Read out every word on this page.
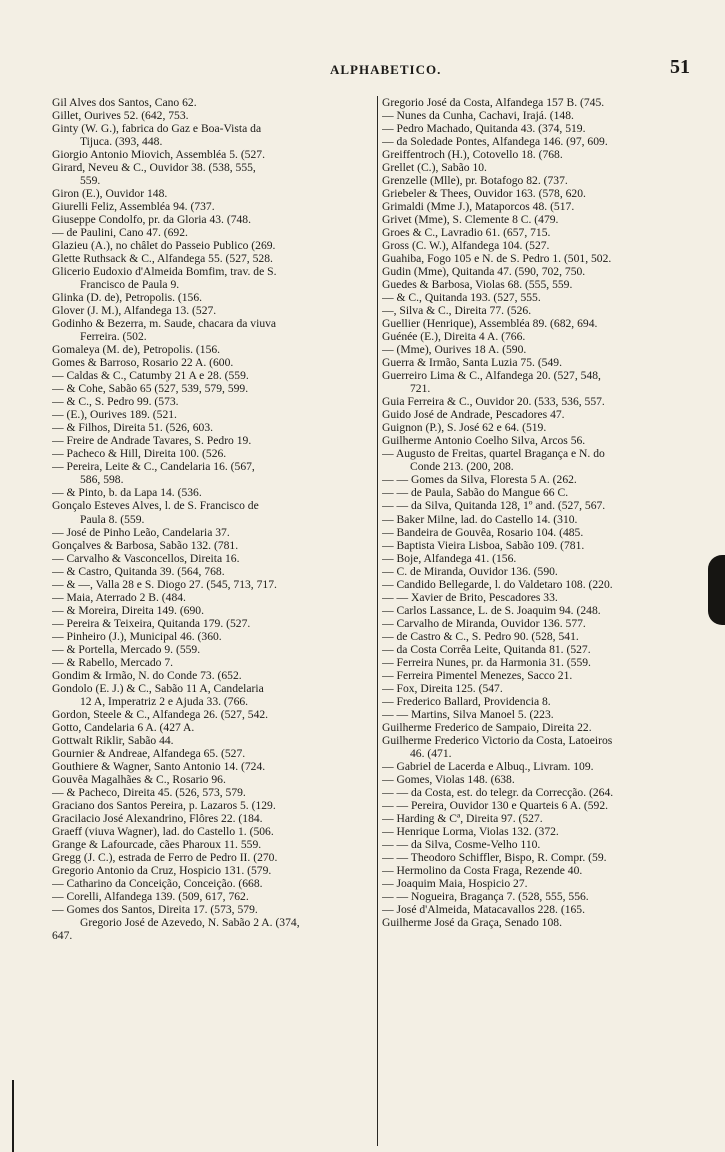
ALPHABETICO.	51
Gil Alves dos Santos, Cano 62.
Gillet, Ourives 52. (642, 753.
Ginty (W. G.), fabrica do Gaz e Boa-Vista da
Tijuca. (393, 448.
Giorgio Antonio Miovich, Assembléa 5. (527.
Girard, Neveu & C., Ouvidor 38. (538, 555,
559.
Giron (E.), Ouvidor 148.
Giurelli Feliz, Assembléa 94. (737.
Giuseppe Condolfo, pr. da Gloria 43. (748.
— de Paulini, Cano 47. (692.
Glazieu (A.), no châlet do Passeio Publico (269.
Glette Ruthsack & C., Alfandega 55. (527, 528.
Glicerio Eudoxio d'Almeida Bomfim, trav. de S.
Francisco de Paula 9.
Glinka (D. de), Petropolis. (156.
Glover (J. M.), Alfandega 13. (527.
Godinho & Bezerra, m. Saude, chacara da viuva
Ferreira. (502.
Gomaleya (M. de), Petropolis. (156.
Gomes & Barroso, Rosario 22 A. (600.
— Caldas & C., Catumby 21 A e 28. (559.
— & Cohe, Sabão 65 (527, 539, 579, 599.
— & C., S. Pedro 99. (573.
— (E.), Ourives 189. (521.
— & Filhos, Direita 51. (526, 603.
— Freire de Andrade Tavares, S. Pedro 19.
— Pacheco & Hill, Direita 100. (526.
— Pereira, Leite & C., Candelaria 16. (567,
586, 598.
— & Pinto, b. da Lapa 14. (536.
Gonçalo Esteves Alves, l. de S. Francisco de
Paula 8. (559.
— José de Pinho Leão, Candelaria 37.
Gonçalves & Barbosa, Sabão 132. (781.
— Carvalho & Vasconcellos, Direita 16.
— & Castro, Quitanda 39. (564, 768.
— & —, Valla 28 e S. Diogo 27. (545, 713, 717.
— Maia, Aterrado 2 B. (484.
— & Moreira, Direita 149. (690.
— Pereira & Teixeira, Quitanda 179. (527.
— Pinheiro (J.), Municipal 46. (360.
— & Portella, Mercado 9. (559.
— & Rabello, Mercado 7.
Gondim & Irmão, N. do Conde 73. (652.
Gondolo (E. J.) & C., Sabão 11 A, Candelaria
12 A, Imperatriz 2 e Ajuda 33. (766.
Gordon, Steele & C., Alfandega 26. (527, 542.
Gotto, Candelaria 6 A. (427 A.
Gottwalt Riklir, Sabão 44.
Gournier & Andreae, Alfandega 65. (527.
Gouthiere & Wagner, Santo Antonio 14. (724.
Gouvêa Magalhães & C., Rosario 96.
— & Pacheco, Direita 45. (526, 573, 579.
Graciano dos Santos Pereira, p. Lazaros 5. (129.
Gracilacio José Alexandrino, Flôres 22. (184.
Graeff (viuva Wagner), lad. do Castello 1. (506.
Grange & Lafourcade, cães Pharoux 11. 559.
Gregg (J. C.), estrada de Ferro de Pedro II. (270.
Gregorio Antonio da Cruz, Hospicio 131. (579.
— Catharino da Conceição, Conceição. (668.
— Corelli, Alfandega 139. (509, 617, 762.
— Gomes dos Santos, Direita 17. (573, 579.
Gregorio José de Azevedo, N. Sabão 2 A. (374,
647.
Gregorio José da Costa, Alfandega 157 B. (745.
— Nunes da Cunha, Cachavi, Irajá. (148.
— Pedro Machado, Quitanda 43. (374, 519.
— da Soledade Pontes, Alfandega 146. (97, 609.
Greiffentroch (H.), Cotovello 18. (768.
Grellet (C.), Sabão 10.
Grenzelle (Mlle), pr. Botafogo 82. (737.
Griebeler & Thees, Ouvidor 163. (578, 620.
Grimaldi (Mme J.), Mataporcos 48. (517.
Grivet (Mme), S. Clemente 8 C. (479.
Groes & C., Lavradio 61. (657, 715.
Gross (C. W.), Alfandega 104. (527.
Guahiba, Fogo 105 e N. de S. Pedro 1. (501, 502.
Gudin (Mme), Quitanda 47. (590, 702, 750.
Guedes & Barbosa, Violas 68. (555, 559.
— & C., Quitanda 193. (527, 555.
—, Silva & C., Direita 77. (526.
Guellier (Henrique), Assembléa 89. (682, 694.
Guénée (E.), Direita 4 A. (766.
— (Mme), Ourives 18 A. (590.
Guerra & Irmão, Santa Luzia 75. (549.
Guerreiro Lima & C., Alfandega 20. (527, 548,
721.
Guia Ferreira & C., Ouvidor 20. (533, 536, 557.
Guido José de Andrade, Pescadores 47.
Guignon (P.), S. José 62 e 64. (519.
Guilherme Antonio Coelho Silva, Arcos 56.
— Augusto de Freitas, quartel Bragança e N. do
Conde 213. (200, 208.
— — Gomes da Silva, Floresta 5 A. (262.
— — de Paula, Sabão do Mangue 66 C.
— — da Silva, Quitanda 128, 1º and. (527, 567.
— Baker Milne, lad. do Castello 14. (310.
— Bandeira de Gouvêa, Rosario 104. (485.
— Baptista Vieira Lisboa, Sabão 109. (781.
— Boje, Alfandega 41. (156.
— C. de Miranda, Ouvidor 136. (590.
— Candido Bellegarde, l. do Valdetaro 108. (220.
— — Xavier de Brito, Pescadores 33.
— Carlos Lassance, L. de S. Joaquim 94. (248.
— Carvalho de Miranda, Ouvidor 136. 577.
— de Castro & C., S. Pedro 90. (528, 541.
— da Costa Corrêa Leite, Quitanda 81. (527.
— Ferreira Nunes, pr. da Harmonia 31. (559.
— Ferreira Pimentel Menezes, Sacco 21.
— Fox, Direita 125. (547.
— Frederico Ballard, Providencia 8.
— — Martins, Silva Manoel 5. (223.
Guilherme Frederico de Sampaio, Direita 22.
Guilherme Frederico Victorio da Costa, Latoeiros
46. (471.
— Gabriel de Lacerda e Albuq., Livram. 109.
— Gomes, Violas 148. (638.
— — da Costa, est. do telegr. da Correcção. (264.
— — Pereira, Ouvidor 130 e Quarteis 6 A. (592.
— Harding & Cª, Direita 97. (527.
— Henrique Lorma, Violas 132. (372.
— — da Silva, Cosme-Velho 110.
— — Theodoro Schiffler, Bispo, R. Compr. (59.
— Hermolino da Costa Fraga, Rezende 40.
— Joaquim Maia, Hospicio 27.
— — Nogueira, Bragança 7. (528, 555, 556.
— José d'Almeida, Matacavallos 228. (165.
Guilherme José da Graça, Senado 108.
